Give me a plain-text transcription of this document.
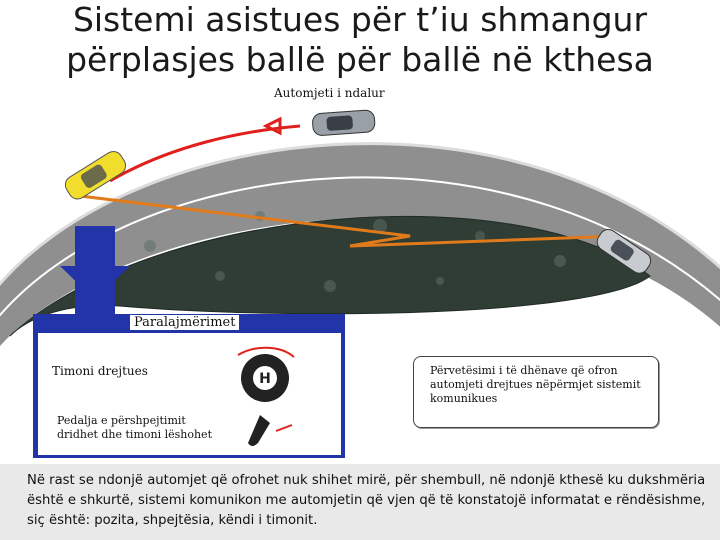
Sistemi asistues për t’iu shmangur përplasjes ballë për ballë në kthesa
Automjeti i ndalur
Paralajmërimet
Timoni drejtues
Pedalja e përshpejtimit dridhet dhe timoni lëshohet
H
Përvetësimi i të dhënave që ofron automjeti drejtues nëpërmjet sistemit komunikues
Në rast se ndonjë automjet që ofrohet nuk shihet mirë, për shembull, në ndonjë kthesë ku dukshmëria është e shkurtë, sistemi komunikon me automjetin që vjen që të konstatojë informatat e rëndësishme, siç është: pozita, shpejtësia, këndi i timonit.
